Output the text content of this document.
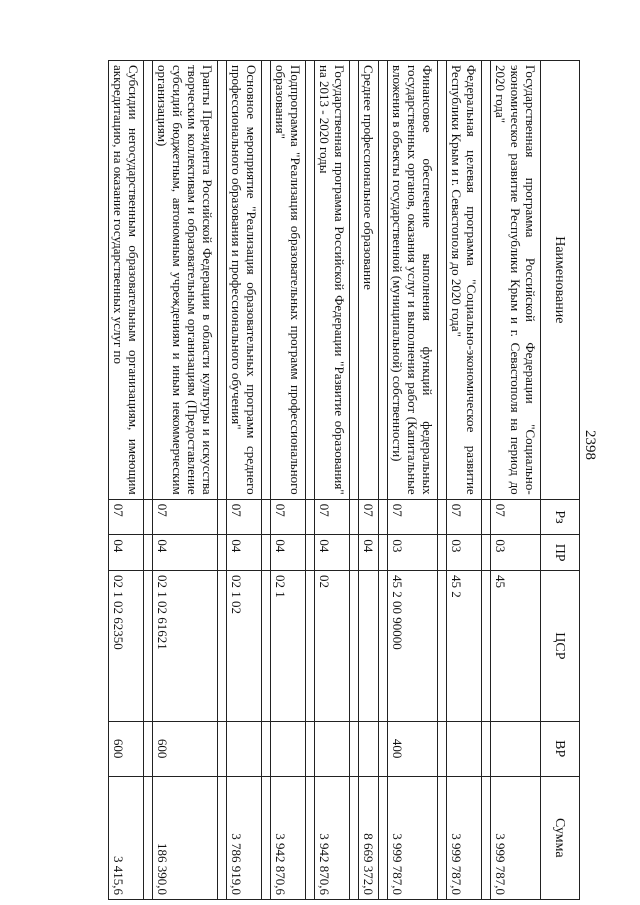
2398
Наименование	Рз	ПР	ЦСР	ВР	Сумма
Государственная программа Российской Федерации "Социально-экономическое развитие Республики Крым и г. Севастополя на период до 2020 года"	07	03	45		3 999 787,0

Федеральная целевая программа "Социально-экономическое развитие Республики Крым и г. Севастополя до 2020 года"	07	03	45 2		3 999 787,0

Финансовое обеспечение выполнения функций федеральных государственных органов, оказания услуг и выполнения работ (Капитальные вложения в объекты государственной (муниципальной) собственности)	07	03	45 2 00 90000	400	3 999 787,0

Среднее профессиональное образование	07	04			8 669 372,0

Государственная программа Российской Федерации "Развитие образования" на 2013 - 2020 годы	07	04	02		3 942 870,6

Подпрограмма "Реализация образовательных программ профессионального образования"	07	04	02 1		3 942 870,6

Основное мероприятие "Реализация образовательных программ среднего профессионального образования и профессионального обучения"	07	04	02 1 02		3 786 919,0

Гранты Президента Российской Федерации в области культуры и искусства творческим коллективам и образовательным организациям (Предоставление субсидий бюджетным, автономным учреждениям и иным некоммерческим организациям)	07	04	02 1 02 61621	600	186 390,0

Субсидии негосударственным образовательным организациям, имеющим аккредитацию, на оказание государственных услуг по	07	04	02 1 02 62350	600	3 415,6
